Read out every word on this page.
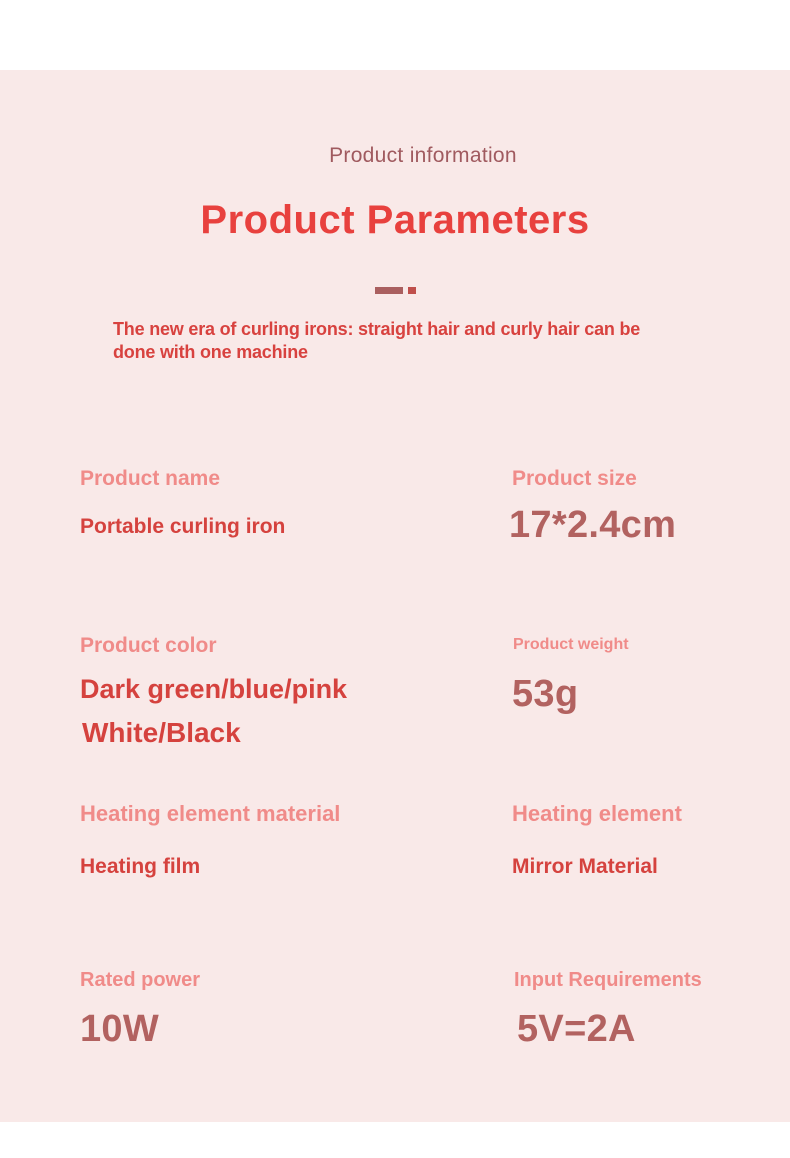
Product information
Product Parameters
The new era of curling irons: straight hair and curly hair can be
done with one machine
Product name
Portable curling iron
Product size
17*2.4cm
Product color
Dark green/blue/pink
White/Black
Product weight
53g
Heating element material
Heating film
Heating element
Mirror Material
Rated power
10W
Input Requirements
5V=2A
